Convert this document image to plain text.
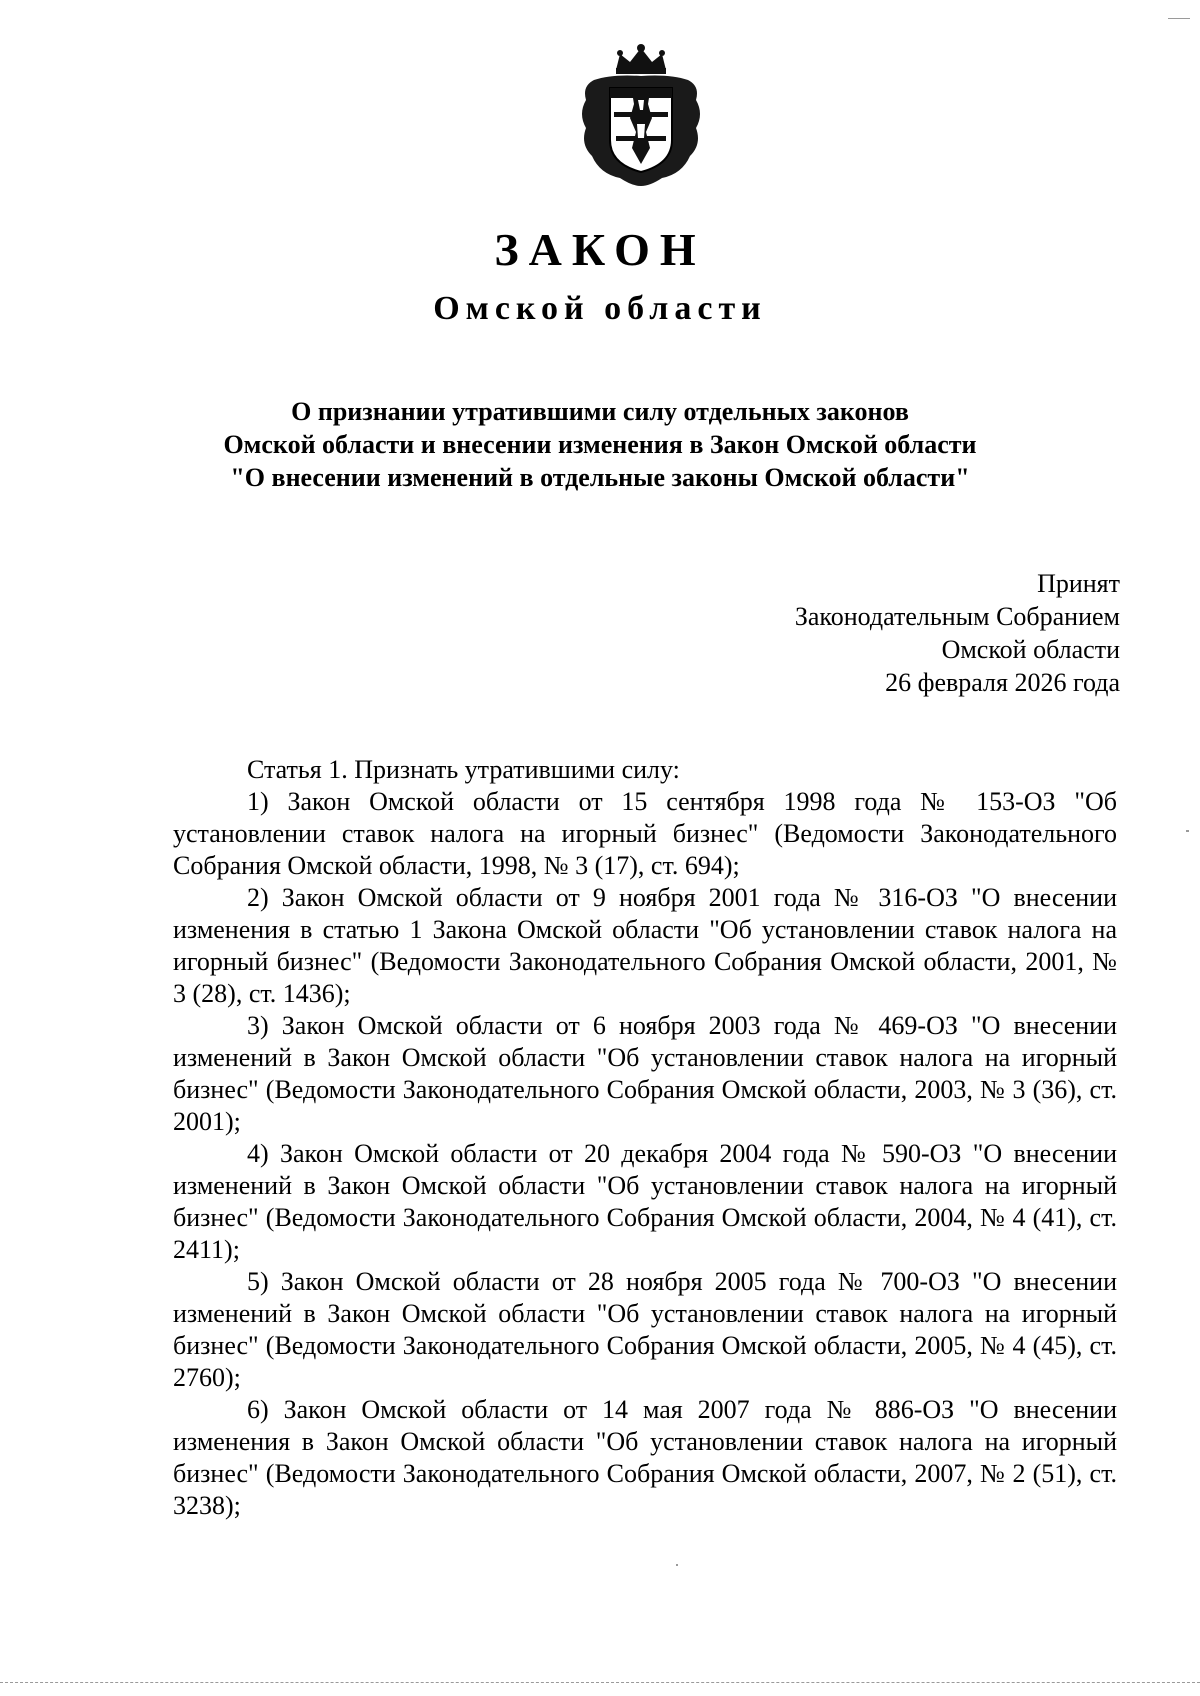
ЗАКОН
Омской области
О признании утратившими силу отдельных законов
Омской области и внесении изменения в Закон Омской области
"О внесении изменений в отдельные законы Омской области"
Принят
Законодательным Собранием
Омской области
26 февраля 2026 года

Статья 1. Признать утратившими силу:

1) Закон Омской области от 15 сентября 1998 года № 153-ОЗ "Об установлении ставок налога на игорный бизнес" (Ведомости Законодательного Собрания Омской области, 1998, № 3 (17), ст. 694);

2) Закон Омской области от 9 ноября 2001 года № 316-ОЗ "О внесении изменения в статью 1 Закона Омской области "Об установлении ставок налога на игорный бизнес" (Ведомости Законодательного Собрания Омской области, 2001, № 3 (28), ст. 1436);

3) Закон Омской области от 6 ноября 2003 года № 469-ОЗ "О внесении изменений в Закон Омской области "Об установлении ставок налога на игорный бизнес" (Ведомости Законодательного Собрания Омской области, 2003, № 3 (36), ст. 2001);

4) Закон Омской области от 20 декабря 2004 года № 590-ОЗ "О внесении изменений в Закон Омской области "Об установлении ставок налога на игорный бизнес" (Ведомости Законодательного Собрания Омской области, 2004, № 4 (41), ст. 2411);

5) Закон Омской области от 28 ноября 2005 года № 700-ОЗ "О внесении изменений в Закон Омской области "Об установлении ставок налога на игорный бизнес" (Ведомости Законодательного Собрания Омской области, 2005, № 4 (45), ст. 2760);

6) Закон Омской области от 14 мая 2007 года № 886-ОЗ "О внесении изменения в Закон Омской области "Об установлении ставок налога на игорный бизнес" (Ведомости Законодательного Собрания Омской области, 2007, № 2 (51), ст. 3238);
